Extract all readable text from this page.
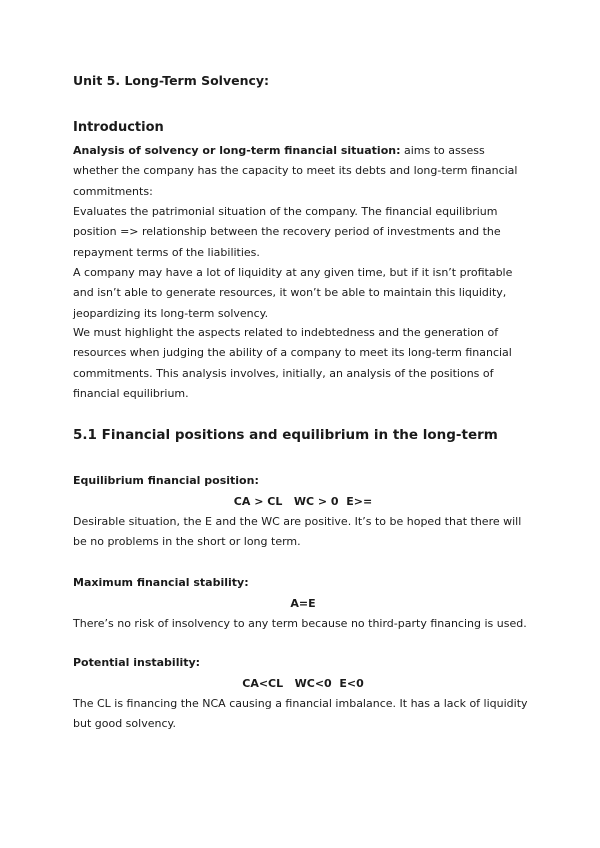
Unit 5. Long-Term Solvency:
Introduction
Analysis of solvency or long-term financial situation: aims to assess whether the company has the capacity to meet its debts and long-term financial commitments:
Evaluates the patrimonial situation of the company. The financial equilibrium position => relationship between the recovery period of investments and the repayment terms of the liabilities.
A company may have a lot of liquidity at any given time, but if it isn’t profitable and isn’t able to generate resources, it won’t be able to maintain this liquidity, jeopardizing its long-term solvency.
We must highlight the aspects related to indebtedness and the generation of resources when judging the ability of a company to meet its long-term financial commitments. This analysis involves, initially, an analysis of the positions of financial equilibrium.
5.1 Financial positions and equilibrium in the long-term
Equilibrium financial position:
CA > CL   WC > 0  E>=
Desirable situation, the E and the WC are positive. It’s to be hoped that there will be no problems in the short or long term.
Maximum financial stability:
A=E
There’s no risk of insolvency to any term because no third-party financing is used.
Potential instability:
CA<CL   WC<0  E<0
The CL is financing the NCA causing a financial imbalance. It has a lack of liquidity but good solvency.
